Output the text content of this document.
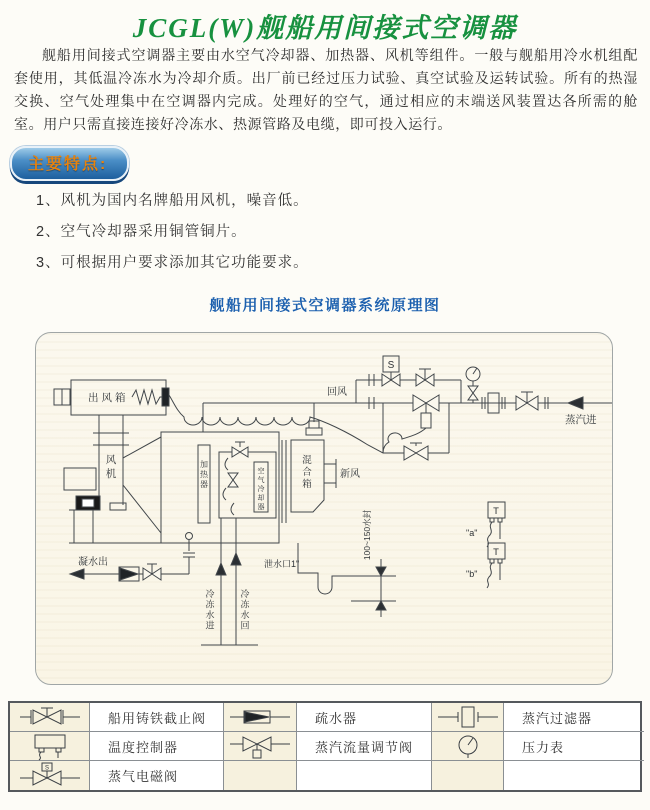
JCGL(W)舰船用间接式空调器

舰船用间接式空调器主要由水空气冷却器、加热器、风机等组件。一般与舰船用冷水机组配套使用，其低温冷冻水为冷却介质。出厂前已经过压力试验、真空试验及运转试验。所有的热湿交换、空气处理集中在空调器内完成。处理好的空气，通过相应的末端送风装置达各所需的舱室。用户只需直接连接好冷冻水、热源管路及电缆，即可投入运行。

主要特点:
1、风机为国内名牌船用风机，噪音低。
2、空气冷却器采用铜管铜片。
3、可根据用户要求添加其它功能要求。
舰船用间接式空调器系统原理图
出风箱	回风
S
蒸汽进
风机
加热器
空气冷却器
混合箱
新风
凝水出
冷冻水进
冷冻水回
泄水口1"
100~150水封	T
T
"a"
"b"
船用铸铁截止阀	疏水器	蒸汽过滤器
温度控制器	蒸汽流量调节阀	压力表
S
蒸气电磁阀
